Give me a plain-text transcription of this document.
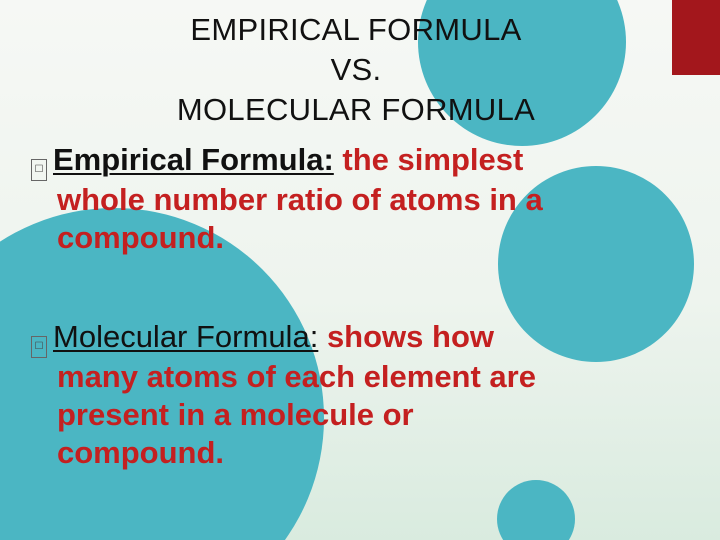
EMPIRICAL FORMULA
VS.
MOLECULAR FORMULA
☐ Empirical Formula: the simplest
whole number ratio of atoms in a
compound.
☐ Molecular Formula: shows how
many atoms of each element are
present in a molecule or
compound.
